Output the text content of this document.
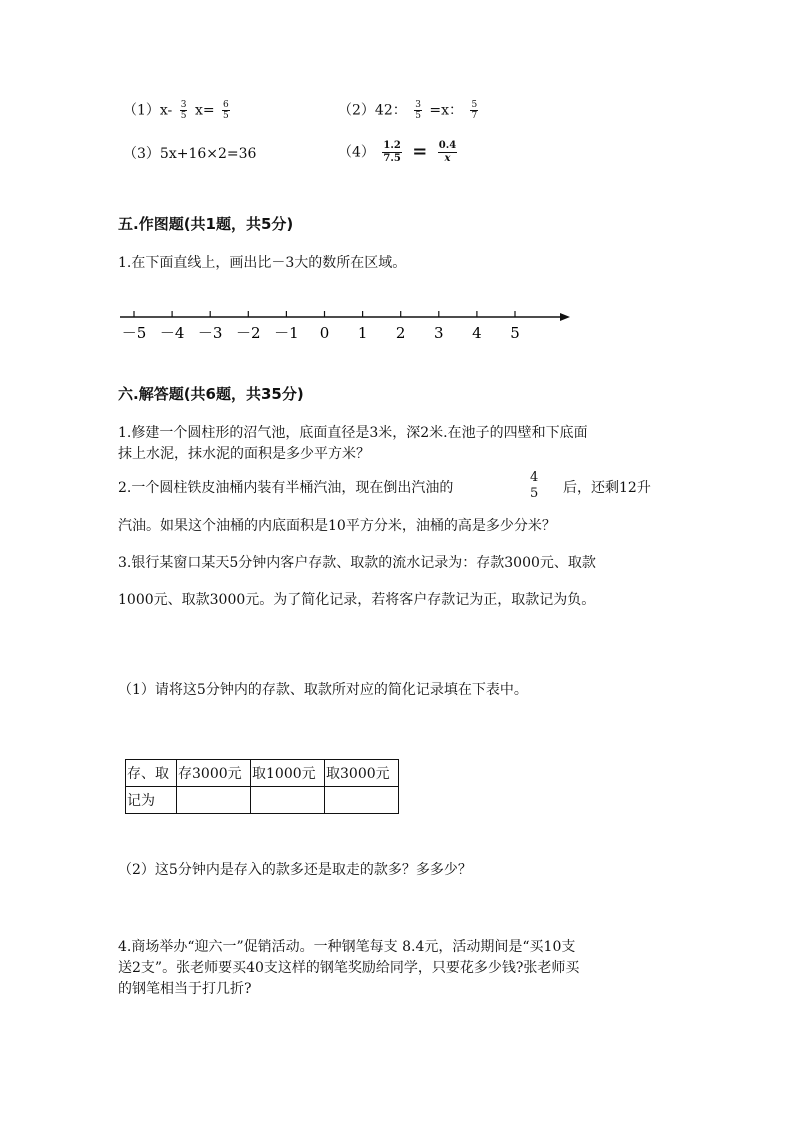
$(1)x- \frac{3}{5} x= \frac{6}{5}$	（2）42： $\frac{3}{5} =x$： $\frac{5}{7}$
（3）5x+16×2=36	$(4) \frac{1.2}{7.5} = \frac{0.4}{x}$
五.作图题(共1题，共5分)
1.在下面直线上，画出比－3大的数所在区域。
－5 －4 －3 －2 －1 0 1 2 3 4 5
六.解答题(共6题，共35分)
1.修建一个圆柱形的沼气池，底面直径是3米，深2米.在池子的四壁和下底面
抹上水泥，抹水泥的面积是多少平方米？
2.一个圆柱铁皮油桶内装有半桶汽油，现在倒出汽油的
4
5 后，还剩12升
汽油。如果这个油桶的内底面积是10平方分米，油桶的高是多少分米？
3.银行某窗口某天5分钟内客户存款、取款的流水记录为：存款3000元、取款
1000元、取款3000元。为了简化记录，若将客户存款记为正，取款记为负。
（1）请将这5分钟内的存款、取款所对应的简化记录填在下表中。
存、取	存3000元	取1000元	取3000元
记为			
（2）这5分钟内是存入的款多还是取走的款多？多多少？
4.商场举办“迎六一”促销活动。一种钢笔每支 8.4元，活动期间是“买10支
送2支”。张老师要买40支这样的钢笔奖励给同学，只要花多少钱?张老师买
的钢笔相当于打几折?
